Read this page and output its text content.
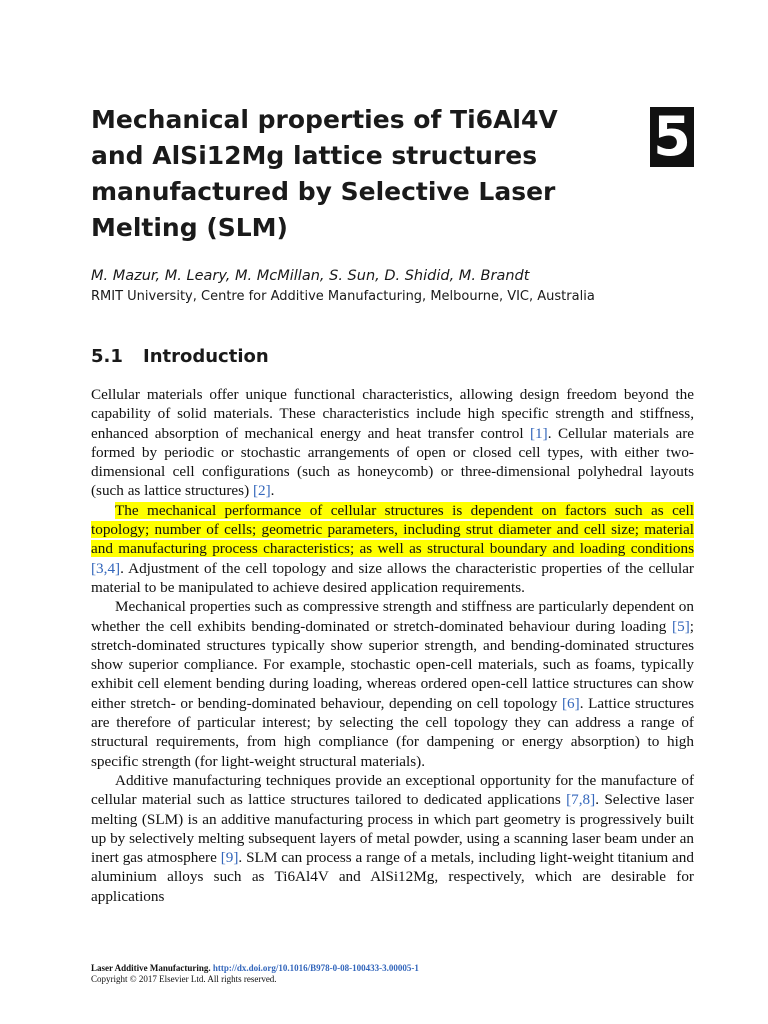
Mechanical properties of Ti6Al4V and AlSi12Mg lattice structures manufactured by Selective Laser Melting (SLM)
5

M. Mazur, M. Leary, M. McMillan, S. Sun, D. Shidid, M. Brandt

RMIT University, Centre for Additive Manufacturing, Melbourne, VIC, Australia

5.1 Introduction

Cellular materials offer unique functional characteristics, allowing design freedom beyond the capability of solid materials. These characteristics include high specific strength and stiffness, enhanced absorption of mechanical energy and heat transfer control [1]. Cellular materials are formed by periodic or stochastic arrangements of open or closed cell types, with either two-dimensional cell configurations (such as honeycomb) or three-dimensional polyhedral layouts (such as lattice structures) [2].
The mechanical performance of cellular structures is dependent on factors such as cell topology; number of cells; geometric parameters, including strut diameter and cell size; material and manufacturing process characteristics; as well as structural boundary and loading conditions [3,4]. Adjustment of the cell topology and size allows the characteristic properties of the cellular material to be manipulated to achieve desired application requirements.

Mechanical properties such as compressive strength and stiffness are particularly dependent on whether the cell exhibits bending-dominated or stretch-dominated behaviour during loading [5]; stretch-dominated structures typically show superior strength, and bending-dominated structures show superior compliance. For example, stochastic open-cell materials, such as foams, typically exhibit cell element bending during loading, whereas ordered open-cell lattice structures can show either stretch- or bending-dominated behaviour, depending on cell topology [6]. Lattice structures are therefore of particular interest; by selecting the cell topology they can address a range of structural requirements, from high compliance (for dampening or energy absorption) to high specific strength (for light-weight structural materials).

Additive manufacturing techniques provide an exceptional opportunity for the manufacture of cellular material such as lattice structures tailored to dedicated applications [7,8]. Selective laser melting (SLM) is an additive manufacturing process in which part geometry is progressively built up by selectively melting subsequent layers of metal powder, using a scanning laser beam under an inert gas atmosphere [9]. SLM can process a range of a metals, including light-weight titanium and aluminium alloys such as Ti6Al4V and AlSi12Mg, respectively, which are desirable for applications

Laser Additive Manufacturing. http://dx.doi.org/10.1016/B978-0-08-100433-3.00005-1
Copyright © 2017 Elsevier Ltd. All rights reserved.
